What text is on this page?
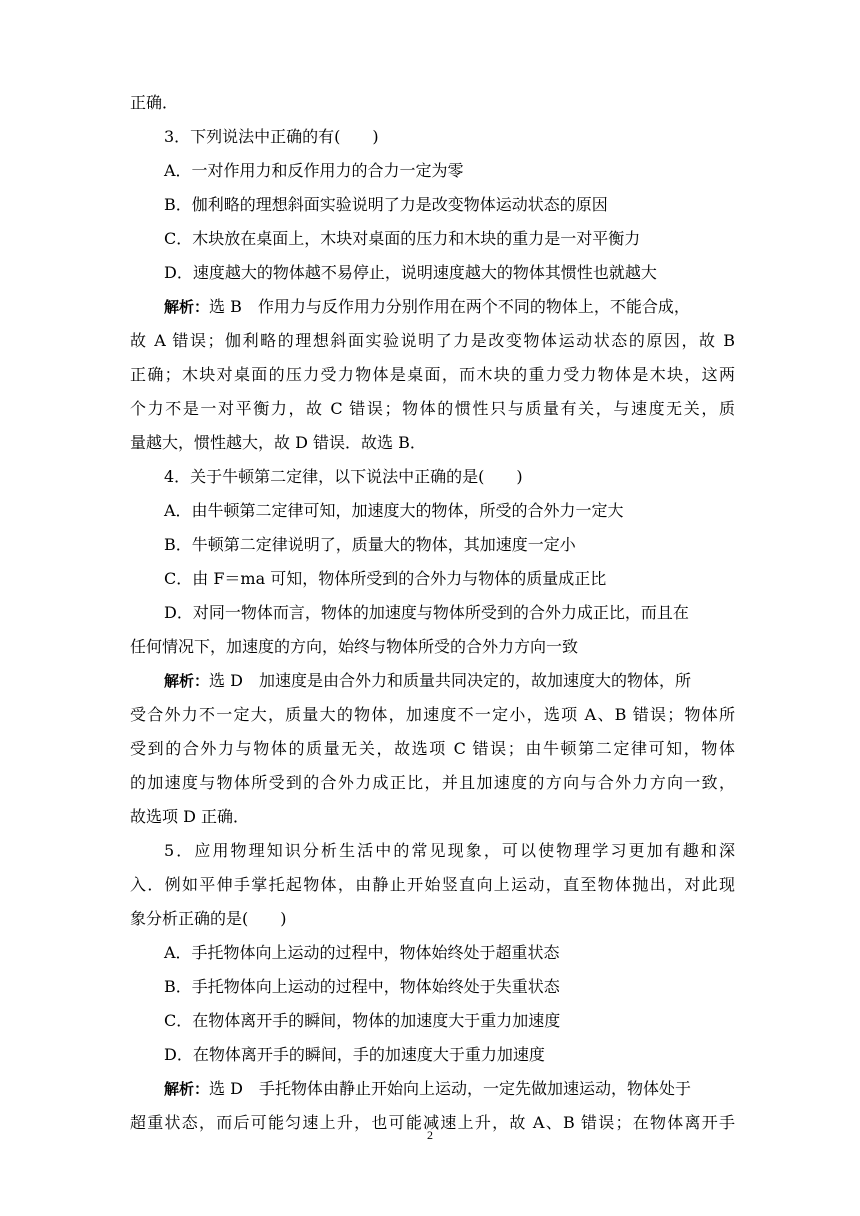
正确．
3．下列说法中正确的有(　　)
A．一对作用力和反作用力的合力一定为零
B．伽利略的理想斜面实验说明了力是改变物体运动状态的原因
C．木块放在桌面上，木块对桌面的压力和木块的重力是一对平衡力
D．速度越大的物体越不易停止，说明速度越大的物体其惯性也就越大
解析：选 B　 作用力与反作用力分别作用在两个不同的物体上，不能合成，
故 A 错误；伽利略的理想斜面实验说明了力是改变物体运动状态的原因，故 B
正确；木块对桌面的压力受力物体是桌面，而木块的重力受力物体是木块，这两
个力不是一对平衡力，故 C 错误；物体的惯性只与质量有关，与速度无关，质
量越大，惯性越大，故 D 错误．故选 B．
4．关于牛顿第二定律，以下说法中正确的是(　　)
A．由牛顿第二定律可知，加速度大的物体，所受的合外力一定大
B．牛顿第二定律说明了，质量大的物体，其加速度一定小
C．由 F＝ma 可知，物体所受到的合外力与物体的质量成正比
D．对同一物体而言，物体的加速度与物体所受到的合外力成正比，而且在
任何情况下，加速度的方向，始终与物体所受的合外力方向一致
解析：选 D　 加速度是由合外力和质量共同决定的，故加速度大的物体，所
受合外力不一定大，质量大的物体，加速度不一定小，选项 A、B 错误；物体所
受到的合外力与物体的质量无关，故选项 C 错误；由牛顿第二定律可知，物体
的加速度与物体所受到的合外力成正比，并且加速度的方向与合外力方向一致，
故选项 D 正确．
5．应用物理知识分析生活中的常见现象，可以使物理学习更加有趣和深
入．例如平伸手掌托起物体，由静止开始竖直向上运动，直至物体抛出，对此现
象分析正确的是(　　)
A．手托物体向上运动的过程中，物体始终处于超重状态
B．手托物体向上运动的过程中，物体始终处于失重状态
C．在物体离开手的瞬间，物体的加速度大于重力加速度
D．在物体离开手的瞬间，手的加速度大于重力加速度
解析：选 D　 手托物体由静止开始向上运动，一定先做加速运动，物体处于
超重状态，而后可能匀速上升，也可能减速上升，故 A、B 错误；在物体离开手
2
